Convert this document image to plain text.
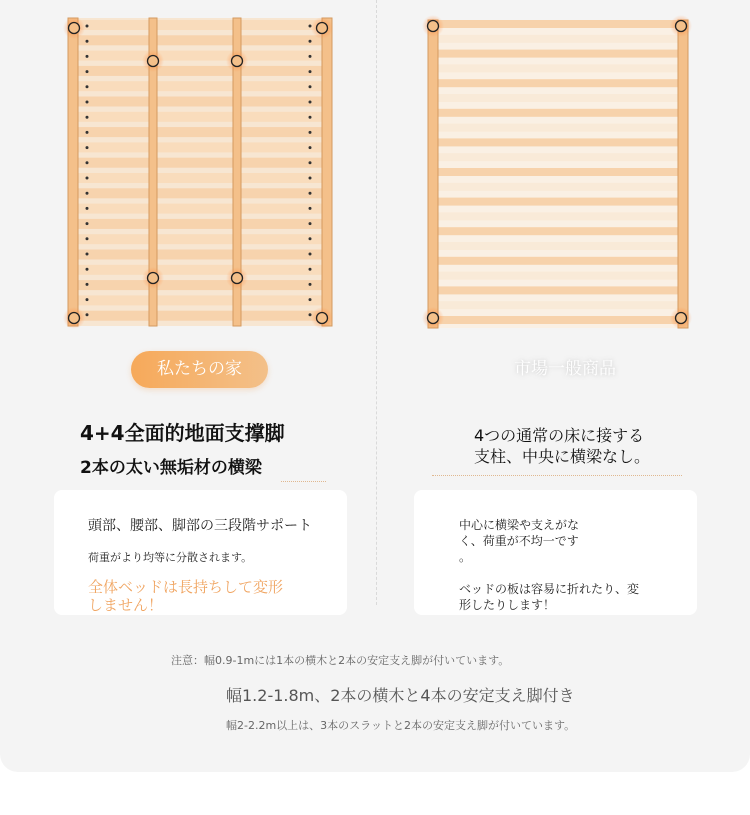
私たちの家	市場一般商品
4+4全面的地面支撑脚
2本の太い無垢材の横梁
4つの通常の床に接する
支柱、中央に横梁なし。
頭部、腰部、脚部の三段階サポート
荷重がより均等に分散されます。
全体ベッドは長持ちして変形
しません！
中心に横梁や支えがな
く、荷重が不均一です
。
ベッドの板は容易に折れたり、変
形したりします！
注意：幅0.9-1mには1本の横木と2本の安定支え脚が付いています。
幅1.2-1.8m、2本の横木と4本の安定支え脚付き
幅2-2.2m以上は、3本のスラットと2本の安定支え脚が付いています。
